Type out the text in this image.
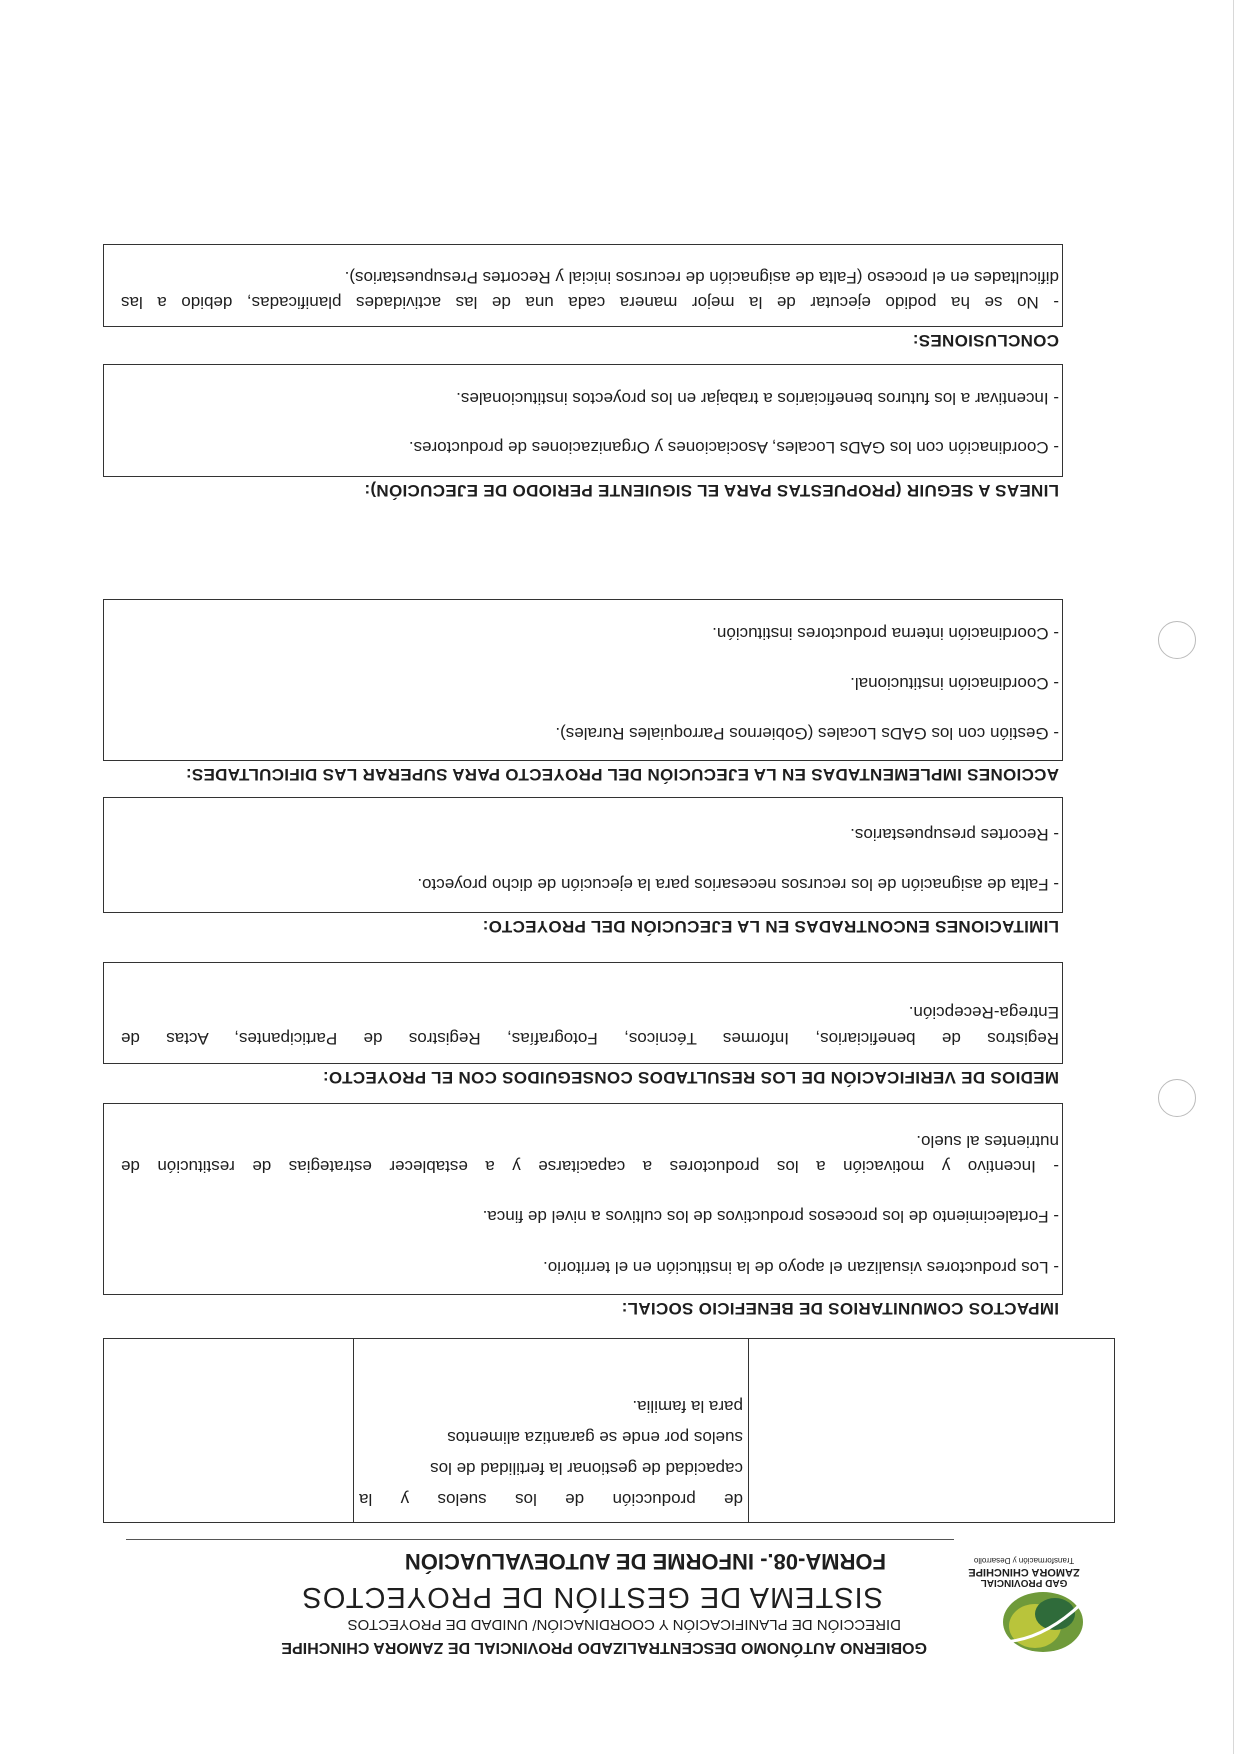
GAD PROVINCIAL
ZAMORA CHINCHIPE
Transformación y Desarrollo
GOBIERNO AUTÓNOMO DESCENTRALIZADO PROVINCIAL DE ZAMORA CHINCHIPE
DIRECCIÓN DE PLANIFICACIÓN Y COORDINACIÓN/ UNIDAD DE PROYECTOS
SISTEMA DE GESTIÓN DE PROYECTOS
FORMA-08.- INFORME DE AUTOEVALUACIÓN
de producción de los suelos y la
capacidad de gestionar la fertilidad de los
suelos por ende se garantiza alimentos
para la familia.
IMPACTOS COMUNITARIOS DE BENEFICIO SOCIAL:
- Los productores visualizan el apoyo de la institución en el territorio.
- Fortalecimiento de los procesos productivos de los cultivos a nivel de finca.
- Incentivo y motivación a los productores a capacitarse y a establecer estrategias de restitución de
nutrientes al suelo.
MEDIOS DE VERIFICACIÓN DE LOS RESULTADOS CONSEGUIDOS CON EL PROYECTO:
Registros de beneficiarios, Informes Técnicos, Fotografías, Registros de Participantes, Actas de
Entrega-Recepción.
LIMITACIONES ENCONTRADAS EN LA EJECUCIÓN DEL PROYECTO:
- Falta de asignación de los recursos necesarios para la ejecución de dicho proyecto.
- Recortes presupuestarios.
ACCIONES IMPLEMENTADAS EN LA EJECUCIÓN DEL PROYECTO PARA SUPERAR LAS DIFICULTADES:
- Gestión con los GADs Locales (Gobiernos Parroquiales Rurales).
- Coordinación institucional.
- Coordinación interna productores institución.
LINEAS A SEGUIR (PROPUESTAS PARA EL SIGUIENTE PERIODO DE EJECUCIÓN):
- Coordinación con los GADs Locales, Asociaciones y Organizaciones de productores.
- Incentivar a los futuros beneficiarios a trabajar en los proyectos institucionales.
CONCLUSIONES:
- No se ha podido ejecutar de la mejor manera cada una de las actividades planificadas, debido a las
dificultades en el proceso (Falta de asignación de recursos inicial y Recortes Presupuestarios).
